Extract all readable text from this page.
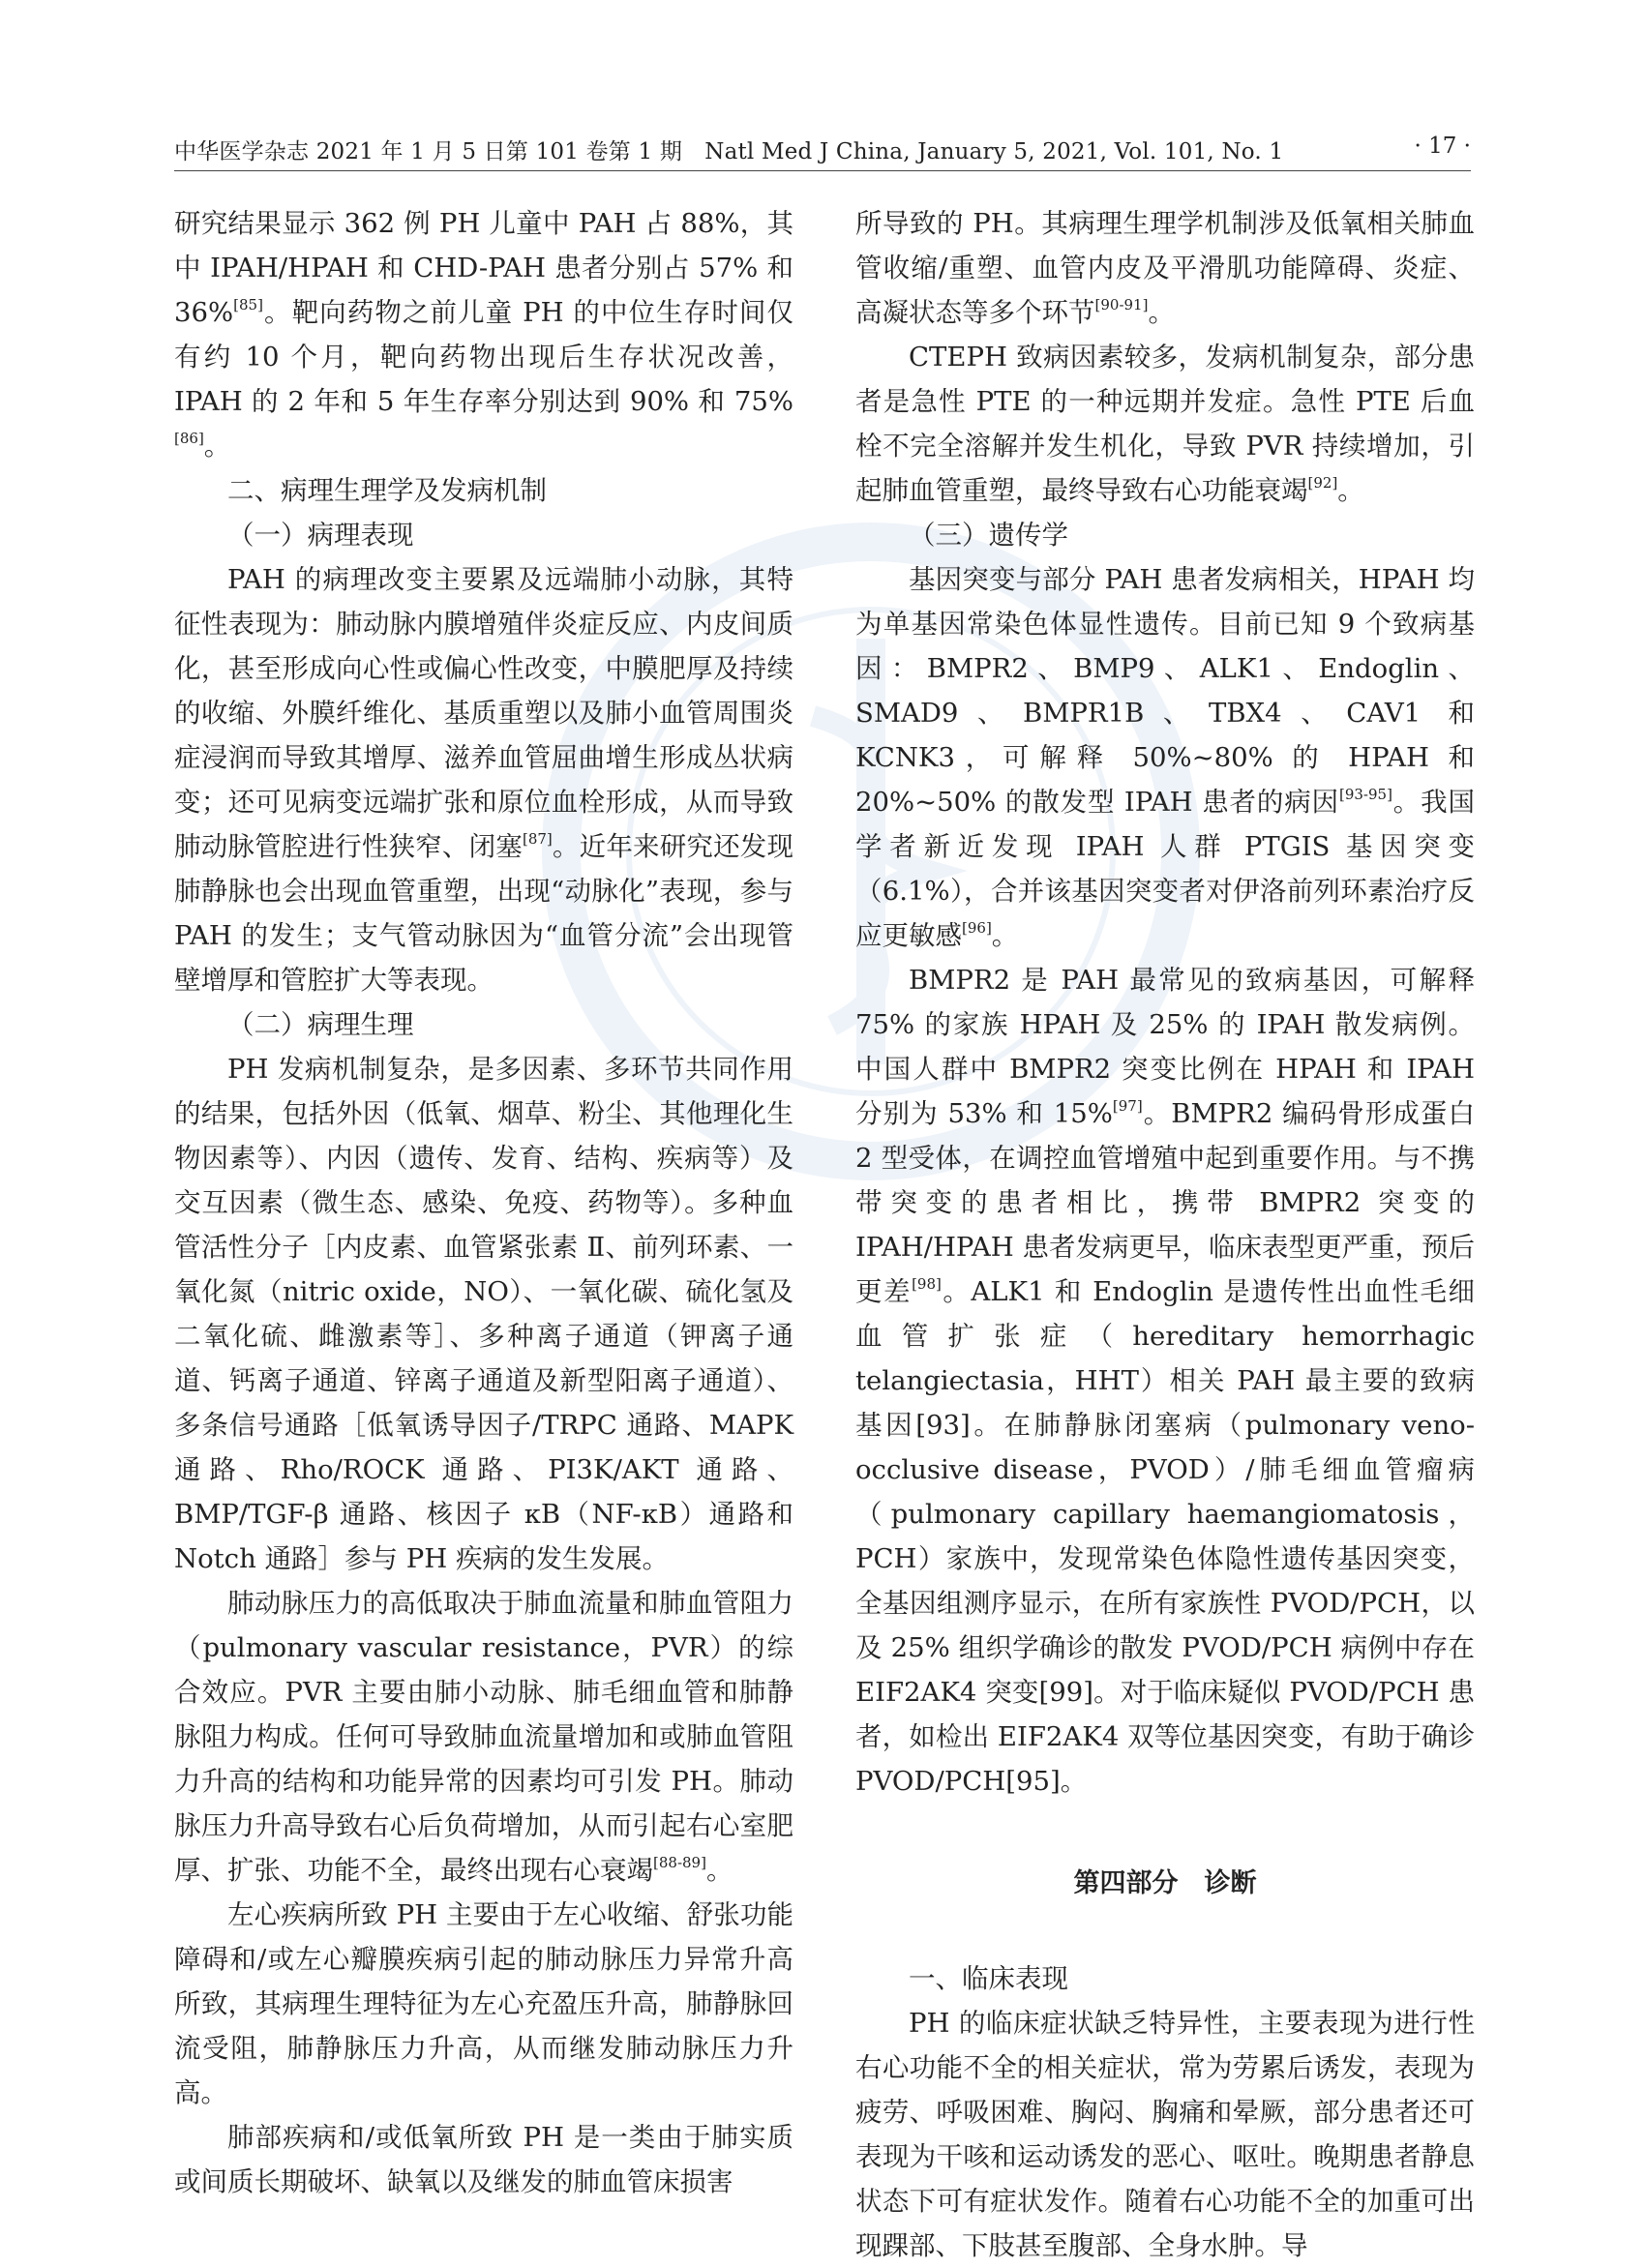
中华医学杂志 2021 年 1 月 5 日第 101 卷第 1 期　Natl Med J China, January 5, 2021, Vol. 101, No. 1	· 17 ·

研究结果显示 362 例 PH 儿童中 PAH 占 88%，其中 IPAH/HPAH 和 CHD-PAH 患者分别占 57% 和 36%[85]。靶向药物之前儿童 PH 的中位生存时间仅有约 10 个月，靶向药物出现后生存状况改善，IPAH 的 2 年和 5 年生存率分别达到 90% 和 75%[86]。

二、病理生理学及发病机制

（一）病理表现

PAH 的病理改变主要累及远端肺小动脉，其特征性表现为：肺动脉内膜增殖伴炎症反应、内皮间质化，甚至形成向心性或偏心性改变，中膜肥厚及持续的收缩、外膜纤维化、基质重塑以及肺小血管周围炎症浸润而导致其增厚、滋养血管屈曲增生形成丛状病变；还可见病变远端扩张和原位血栓形成，从而导致肺动脉管腔进行性狭窄、闭塞[87]。近年来研究还发现肺静脉也会出现血管重塑，出现“动脉化”表现，参与 PAH 的发生；支气管动脉因为“血管分流”会出现管壁增厚和管腔扩大等表现。

（二）病理生理

PH 发病机制复杂，是多因素、多环节共同作用的结果，包括外因（低氧、烟草、粉尘、其他理化生物因素等）、内因（遗传、发育、结构、疾病等）及交互因素（微生态、感染、免疫、药物等）。多种血管活性分子［内皮素、血管紧张素 Ⅱ、前列环素、一氧化氮（nitric oxide，NO）、一氧化碳、硫化氢及二氧化硫、雌激素等］、多种离子通道（钾离子通道、钙离子通道、锌离子通道及新型阳离子通道）、多条信号通路［低氧诱导因子/TRPC 通路、MAPK 通路、Rho/ROCK 通路、PI3K/AKT 通路、BMP/TGF-β 通路、核因子 κB（NF-κB）通路和 Notch 通路］参与 PH 疾病的发生发展。

肺动脉压力的高低取决于肺血流量和肺血管阻力（pulmonary vascular resistance，PVR）的综合效应。PVR 主要由肺小动脉、肺毛细血管和肺静脉阻力构成。任何可导致肺血流量增加和或肺血管阻力升高的结构和功能异常的因素均可引发 PH。肺动脉压力升高导致右心后负荷增加，从而引起右心室肥厚、扩张、功能不全，最终出现右心衰竭[88-89]。

左心疾病所致 PH 主要由于左心收缩、舒张功能障碍和/或左心瓣膜疾病引起的肺动脉压力异常升高所致，其病理生理特征为左心充盈压升高，肺静脉回流受阻，肺静脉压力升高，从而继发肺动脉压力升高。

肺部疾病和/或低氧所致 PH 是一类由于肺实质或间质长期破坏、缺氧以及继发的肺血管床损害

所导致的 PH。其病理生理学机制涉及低氧相关肺血管收缩/重塑、血管内皮及平滑肌功能障碍、炎症、高凝状态等多个环节[90-91]。

CTEPH 致病因素较多，发病机制复杂，部分患者是急性 PTE 的一种远期并发症。急性 PTE 后血栓不完全溶解并发生机化，导致 PVR 持续增加，引起肺血管重塑，最终导致右心功能衰竭[92]。

（三）遗传学

基因突变与部分 PAH 患者发病相关，HPAH 均为单基因常染色体显性遗传。目前已知 9 个致病基因：BMPR2、BMP9、ALK1、Endoglin、SMAD9、BMPR1B、TBX4、CAV1 和 KCNK3，可解释 50%~80% 的 HPAH 和 20%~50% 的散发型 IPAH 患者的病因[93-95]。我国学者新近发现 IPAH 人群 PTGIS 基因突变（6.1%），合并该基因突变者对伊洛前列环素治疗反应更敏感[96]。

BMPR2 是 PAH 最常见的致病基因，可解释 75% 的家族 HPAH 及 25% 的 IPAH 散发病例。中国人群中 BMPR2 突变比例在 HPAH 和 IPAH 分别为 53% 和 15%[97]。BMPR2 编码骨形成蛋白 2 型受体，在调控血管增殖中起到重要作用。与不携带突变的患者相比，携带 BMPR2 突变的 IPAH/HPAH 患者发病更早，临床表型更严重，预后更差[98]。ALK1 和 Endoglin 是遗传性出血性毛细血管扩张症（hereditary hemorrhagic telangiectasia，HHT）相关 PAH 最主要的致病基因[93]。在肺静脉闭塞病（pulmonary veno-occlusive disease，PVOD）/肺毛细血管瘤病（pulmonary capillary haemangiomatosis，PCH）家族中，发现常染色体隐性遗传基因突变，全基因组测序显示，在所有家族性 PVOD/PCH，以及 25% 组织学确诊的散发 PVOD/PCH 病例中存在 EIF2AK4 突变[99]。对于临床疑似 PVOD/PCH 患者，如检出 EIF2AK4 双等位基因突变，有助于确诊 PVOD/PCH[95]。

第四部分　诊断

一、临床表现

PH 的临床症状缺乏特异性，主要表现为进行性右心功能不全的相关症状，常为劳累后诱发，表现为疲劳、呼吸困难、胸闷、胸痛和晕厥，部分患者还可表现为干咳和运动诱发的恶心、呕吐。晚期患者静息状态下可有症状发作。随着右心功能不全的加重可出现踝部、下肢甚至腹部、全身水肿。导
